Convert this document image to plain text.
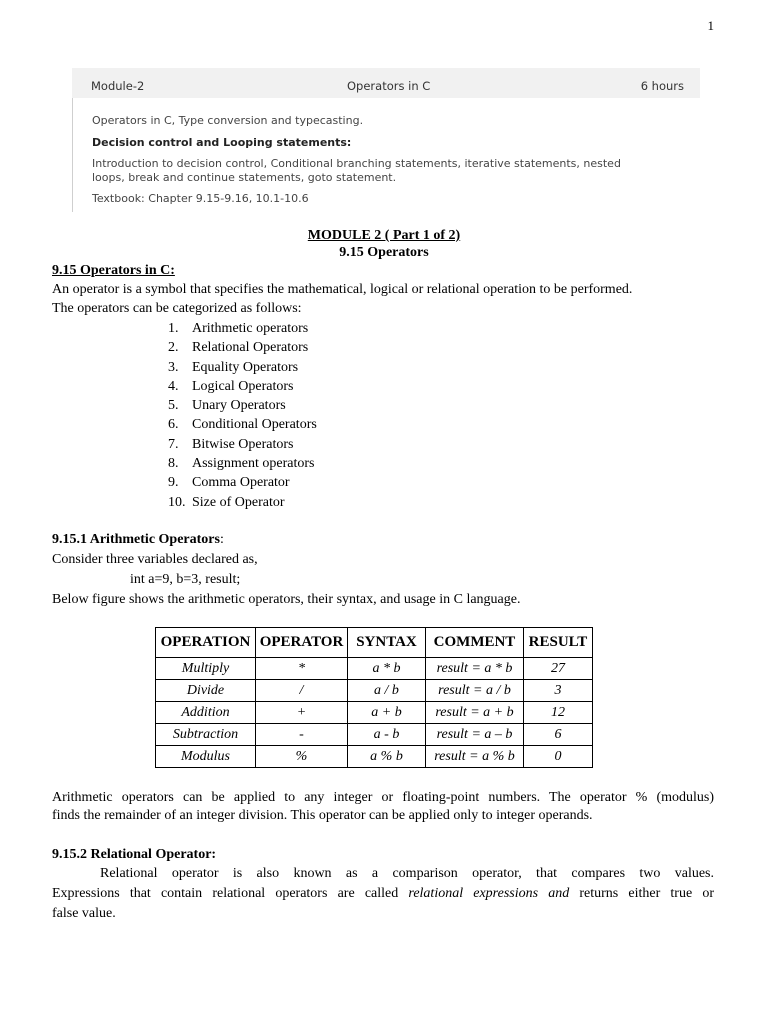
1
Module-2	Operators in C	6 hours
Operators in C, Type conversion and typecasting.
Decision control and Looping statements:
Introduction to decision control, Conditional branching statements, iterative statements, nested
loops, break and continue statements, goto statement.
Textbook: Chapter 9.15-9.16, 10.1-10.6
MODULE 2 ( Part 1 of 2)
9.15 Operators
9.15 Operators in C:
An operator is a symbol that specifies the mathematical, logical or relational operation to be performed.
The operators can be categorized as follows:
1. Arithmetic operators
2. Relational Operators
3. Equality Operators
4. Logical Operators
5. Unary Operators
6. Conditional Operators
7. Bitwise Operators
8. Assignment operators
9. Comma Operator
10. Size of Operator
9.15.1 Arithmetic Operators:
Consider three variables declared as,
int a=9, b=3, result;
Below figure shows the arithmetic operators, their syntax, and usage in C language.
OPERATION	OPERATOR	SYNTAX	COMMENT	RESULT
Multiply	*	a * b	result = a * b	27
Divide	/	a / b	result = a / b	3
Addition	+	a + b	result = a + b	12
Subtraction	-	a - b	result = a – b	6
Modulus	%	a % b	result = a % b	0
Arithmetic operators can be applied to any integer or floating-point numbers. The operator % (modulus)
finds the remainder of an integer division. This operator can be applied only to integer operands.
9.15.2 Relational Operator:
Relational operator is also known as a comparison operator, that compares two values.
Expressions that contain relational operators are called relational expressions and returns either true or
false value.
